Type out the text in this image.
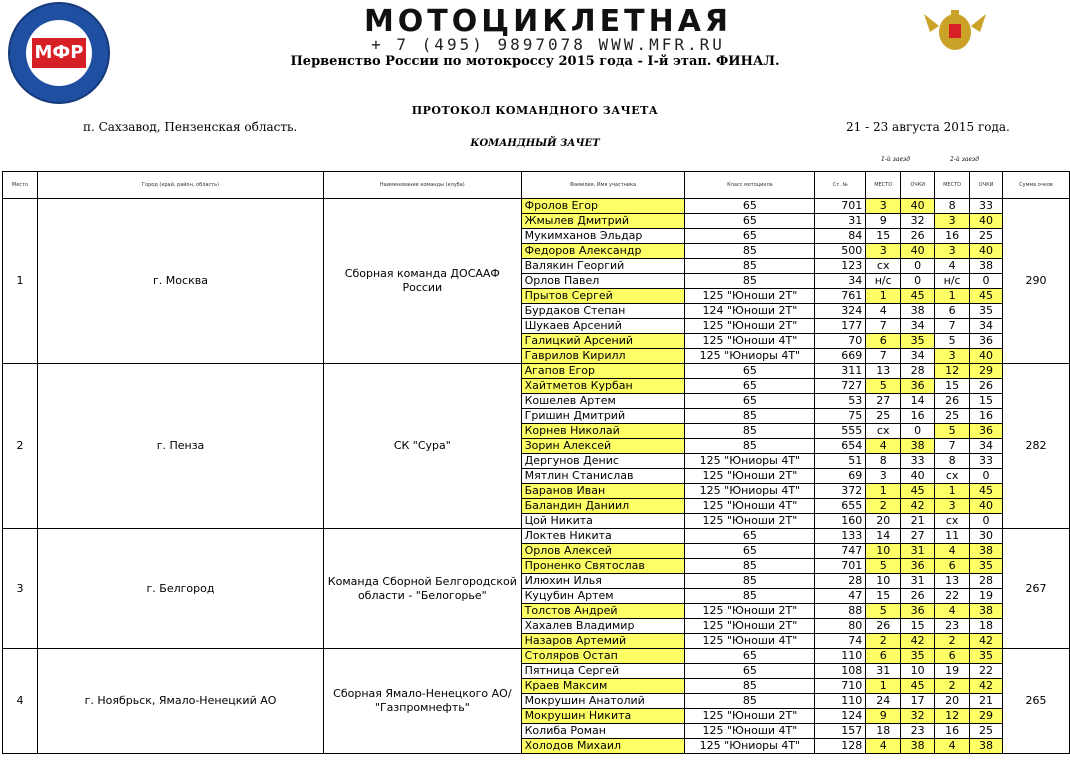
МФР
МОТОЦИКЛЕТНАЯ
+ 7 (495) 9897078 WWW.MFR.RU
Первенство России по мотокроссу 2015 года - I-й этап. ФИНАЛ.
ПРОТОКОЛ КОМАНДНОГО ЗАЧЕТА
п. Сахзавод, Пензенская область.	21 - 23 августа 2015 года.
КОМАНДНЫЙ ЗАЧЕТ
1-й заезд	2-й заезд
Место	Город (край, район, область)	Наименование команды (клуба)	Фамилия, Имя участника	Класс мотоцикла	Ст. №	МЕСТО	ОЧКИ	МЕСТО	ОЧКИ	Сумма очков
1	г. Москва	Сборная команда ДОСААФ России	Фролов Егор	65	701	3	40	8	33	290
			Жмылев Дмитрий	65	31	9	32	3	40	
			Мукимханов Эльдар	65	84	15	26	16	25	
			Федоров Александр	85	500	3	40	3	40	
			Валякин Георгий	85	123	сх	0	4	38	
			Орлов Павел	85	34	н/с	0	н/с	0	
			Прытов Сергей	125 "Юноши 2Т"	761	1	45	1	45	
			Бурдаков Степан	124 "Юноши 2Т"	324	4	38	6	35	
			Шукаев Арсений	125 "Юноши 2Т"	177	7	34	7	34	
			Галицкий Арсений	125 "Юноши 4Т"	70	6	35	5	36	
			Гаврилов Кирилл	125 "Юниоры 4Т"	669	7	34	3	40	
2	г. Пенза	СК "Сура"	Агапов Егор	65	311	13	28	12	29	282
			Хайтметов Курбан	65	727	5	36	15	26	
			Кошелев Артем	65	53	27	14	26	15	
			Гришин Дмитрий	85	75	25	16	25	16	
			Корнев Николай	85	555	сх	0	5	36	
			Зорин Алексей	85	654	4	38	7	34	
			Дергунов Денис	125 "Юниоры 4Т"	51	8	33	8	33	
			Мятлин Станислав	125 "Юноши 2Т"	69	3	40	сх	0	
			Баранов Иван	125 "Юниоры 4Т"	372	1	45	1	45	
			Баландин Даниил	125 "Юноши 4Т"	655	2	42	3	40	
			Цой Никита	125 "Юноши 2Т"	160	20	21	сх	0	
3	г. Белгород	Команда Сборной Белгородской области - "Белогорье"	Локтев Никита	65	133	14	27	11	30	267
			Орлов Алексей	65	747	10	31	4	38	
			Проненко Святослав	85	701	5	36	6	35	
			Илюхин Илья	85	28	10	31	13	28	
			Куцубин Артем	85	47	15	26	22	19	
			Толстов Андрей	125 "Юноши 2Т"	88	5	36	4	38	
			Хахалев Владимир	125 "Юноши 2Т"	80	26	15	23	18	
			Назаров Артемий	125 "Юноши 4Т"	74	2	42	2	42	
4	г. Ноябрьск, Ямало-Ненецкий АО	Сборная Ямало-Ненецкого АО/ "Газпромнефть"	Столяров Остап	65	110	6	35	6	35	265
			Пятница Сергей	65	108	31	10	19	22	
			Краев Максим	85	710	1	45	2	42	
			Мокрушин Анатолий	85	110	24	17	20	21	
			Мокрушин Никита	125 "Юноши 2Т"	124	9	32	12	29	
			Колиба Роман	125 "Юноши 4Т"	157	18	23	16	25	
			Холодов Михаил	125 "Юниоры 4Т"	128	4	38	4	38	
